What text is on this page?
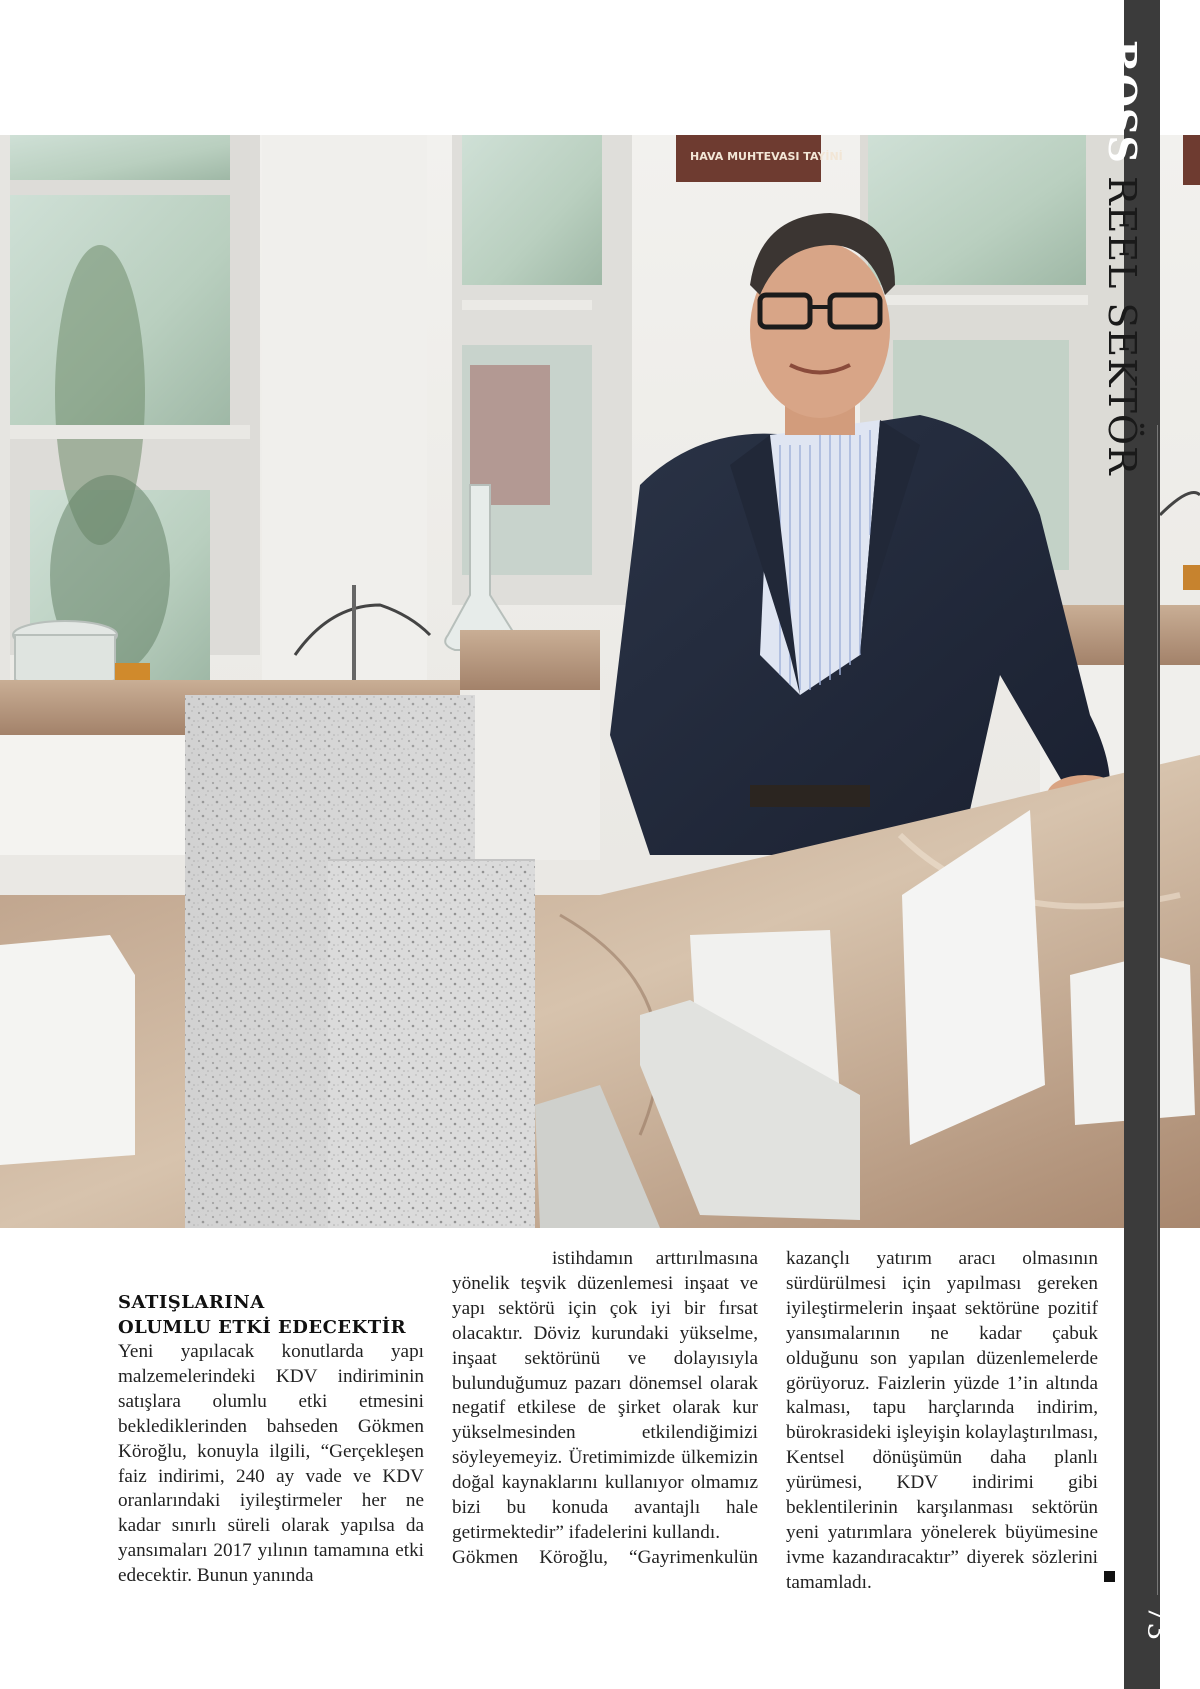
HAVA MUHTEVASI TAYİNİ	BOSSREEL SEKTÖR
73

SATIŞLARINA

OLUMLU ETKİ EDECEKTİR

Yeni yapılacak konutlarda yapı malzemelerindeki KDV indiriminin satışlara olumlu etki etmesini beklediklerinden bahseden Gökmen Köroğlu, konuyla ilgili, “Gerçekleşen faiz indirimi, 240 ay vade ve KDV oranlarındaki iyileştirmeler her ne kadar sınırlı süreli olarak yapılsa da yansımaları 2017 yılının tamamına etki edecektir. Bunun yanında

istihdamın arttırılmasına yönelik teşvik düzenlemesi inşaat ve yapı sektörü için çok iyi bir fırsat olacaktır. Döviz kurundaki yükselme, inşaat sektörünü ve dolayısıyla bulunduğumuz pazarı dönemsel olarak negatif etkilese de şirket olarak kur yükselmesinden etkilendiğimizi söyleyemeyiz. Üretimimizde ülkemizin doğal kaynaklarını kullanıyor olmamız bizi bu konuda avantajlı hale getirmektedir” ifadelerini kullandı.

Gökmen Köroğlu, “Gayrimenkulün

kazançlı yatırım aracı olmasının sürdürülmesi için yapılması gereken iyileştirmelerin inşaat sektörüne pozitif yansımalarının ne kadar çabuk olduğunu son yapılan düzenlemelerde görüyoruz. Faizlerin yüzde 1’in altında kalması, tapu harçlarında indirim, bürokrasideki işleyişin kolaylaştırılması, Kentsel dönüşümün daha planlı yürümesi, KDV indirimi gibi beklentilerinin karşılanması sektörün yeni yatırımlara yönelerek büyümesine ivme kazandıracaktır” diyerek sözlerini tamamladı.
